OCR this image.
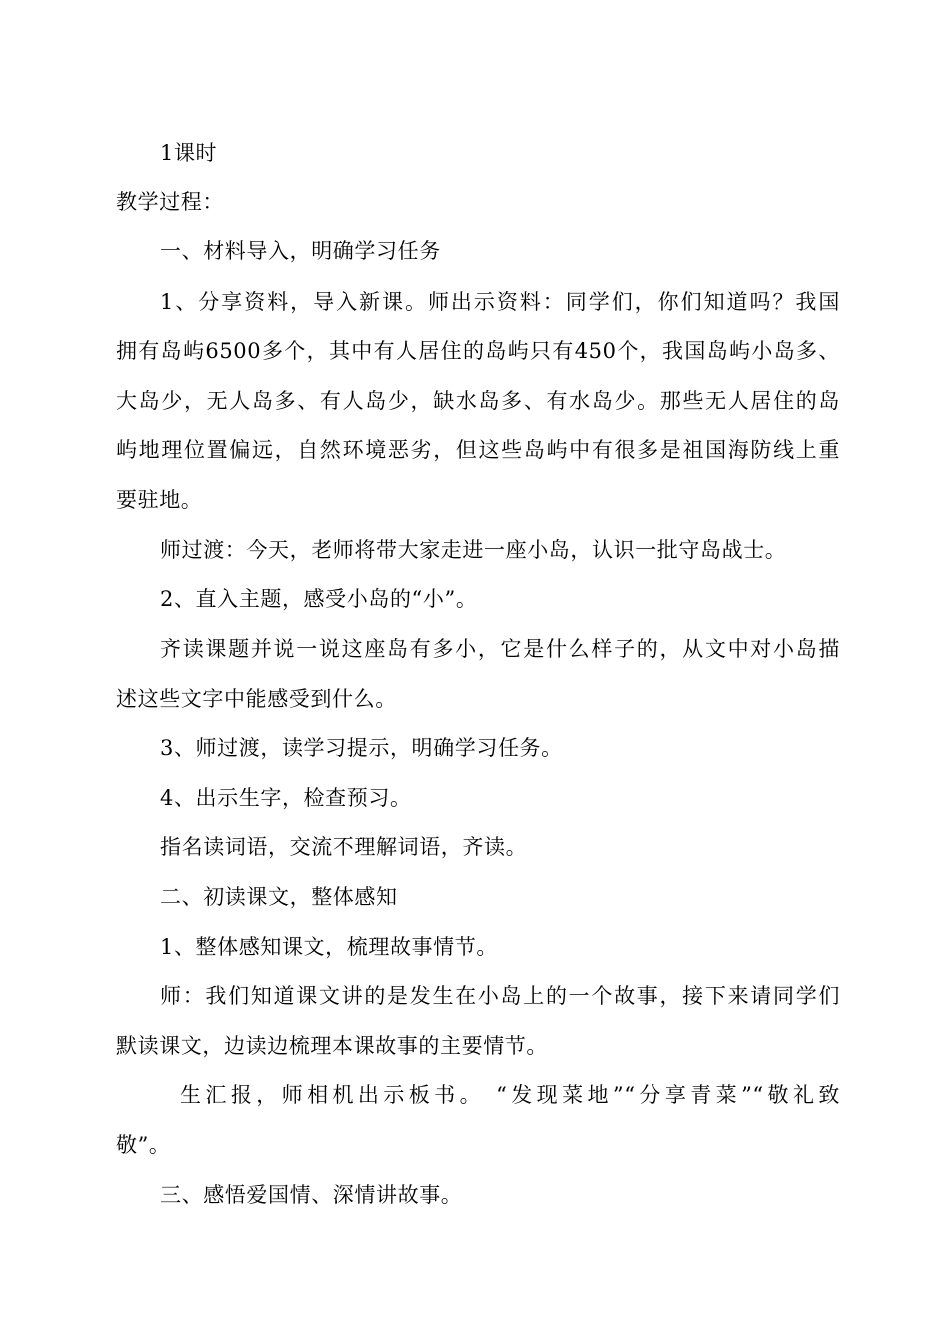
1课时
教学过程：
一、材料导入，明确学习任务
1、分享资料，导入新课。师出示资料：同学们，你们知道吗？我国
拥有岛屿6500多个，其中有人居住的岛屿只有450个，我国岛屿小岛多、
大岛少，无人岛多、有人岛少，缺水岛多、有水岛少。那些无人居住的岛
屿地理位置偏远，自然环境恶劣，但这些岛屿中有很多是祖国海防线上重
要驻地。
师过渡：今天，老师将带大家走进一座小岛，认识一批守岛战士。
2、直入主题，感受小岛的“小”。
齐读课题并说一说这座岛有多小，它是什么样子的，从文中对小岛描
述这些文字中能感受到什么。
3、师过渡，读学习提示，明确学习任务。
4、出示生字，检查预习。
指名读词语，交流不理解词语，齐读。
二、初读课文，整体感知
1、整体感知课文，梳理故事情节。
师：我们知道课文讲的是发生在小岛上的一个故事，接下来请同学们
默读课文，边读边梳理本课故事的主要情节。
生汇报，师相机出示板书。 “发现菜地”“分享青菜”“敬礼致
敬”。
三、感悟爱国情、深情讲故事。
